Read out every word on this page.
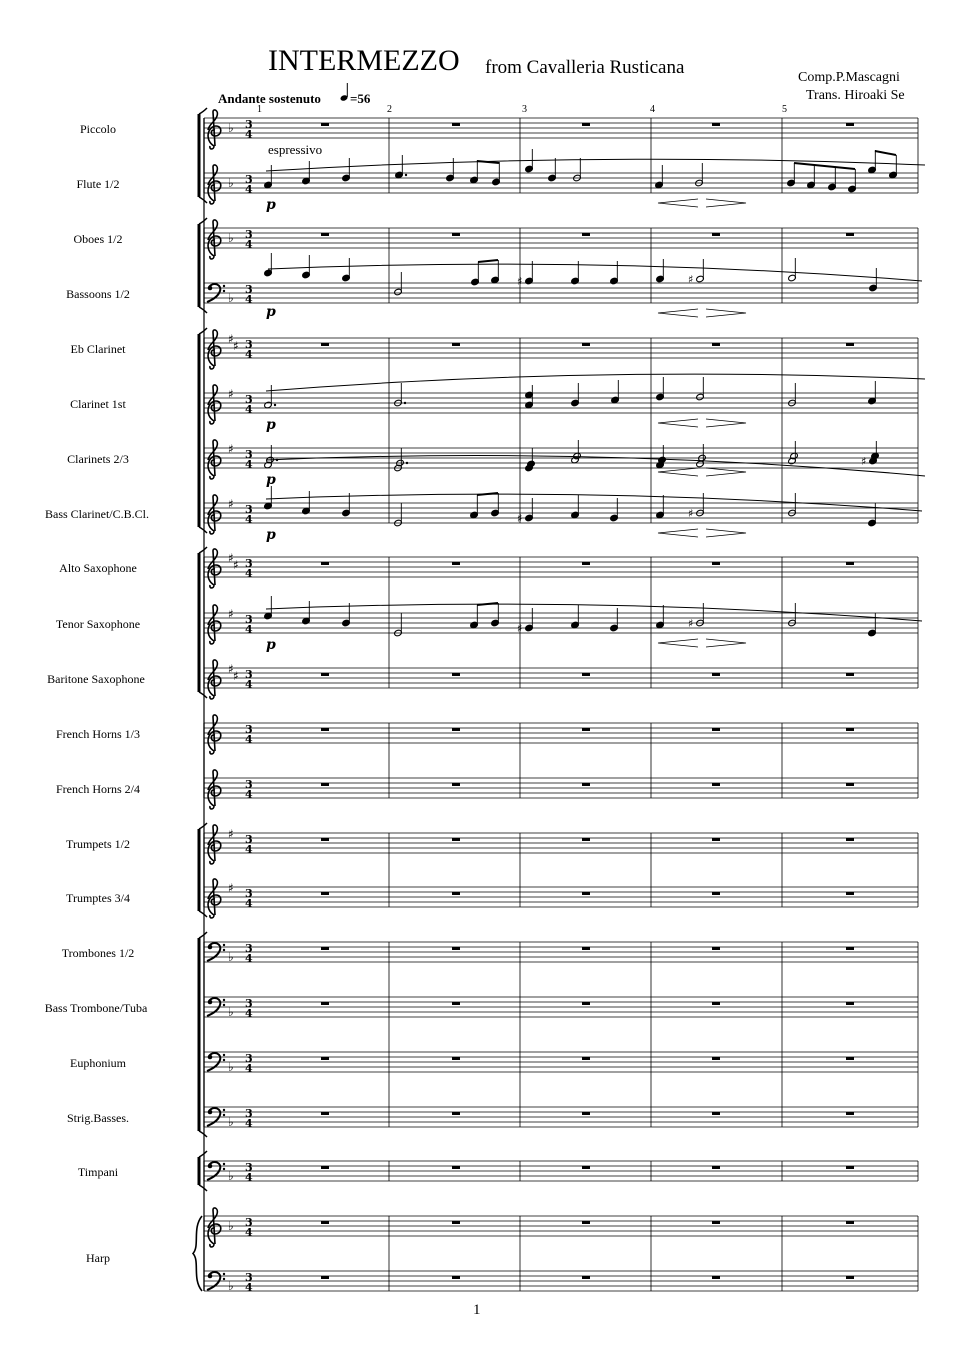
INTERMEZZO from Cavalleria Rusticana	Comp.P.Mascagni
Trans. Hiroaki Se
Andante sostenuto =56
1	2	3	4	5
Piccolo
Flute 1/2
Oboes 1/2
Bassoons 1/2
Eb Clarinet
Clarinet 1st
Clarinets 2/3
Bass Clarinet/C.B.Cl.
Alto Saxophone
Tenor Saxophone
Baritone Saxophone
French Horns 1/3
French Horns 2/4
Trumpets 1/2
Trumptes 3/4
Trombones 1/2
Bass Trombone/Tuba
Euphonium
Strig.Basses.
Timpani
Harp
♭ 3
4
♭ 3
4
♭ 3
4
♭
3
4
♯ ♯ 3
4
♯ 3
4
♯ 3
4
♯ 3
4
♯ ♯ 3
4
♯ 3
4
♯ ♯ 3
4
3
4
3
4
♯ 3
4
♯ 3
4
♭
3
4
♭
3
4
♭
3
4
♭
3
4
♭
3
4
♭ 3
4
♭
3
4
p
♯	♯
p
p
♯
p
♯	♯
p
♯	♯
p
espressivo
1
